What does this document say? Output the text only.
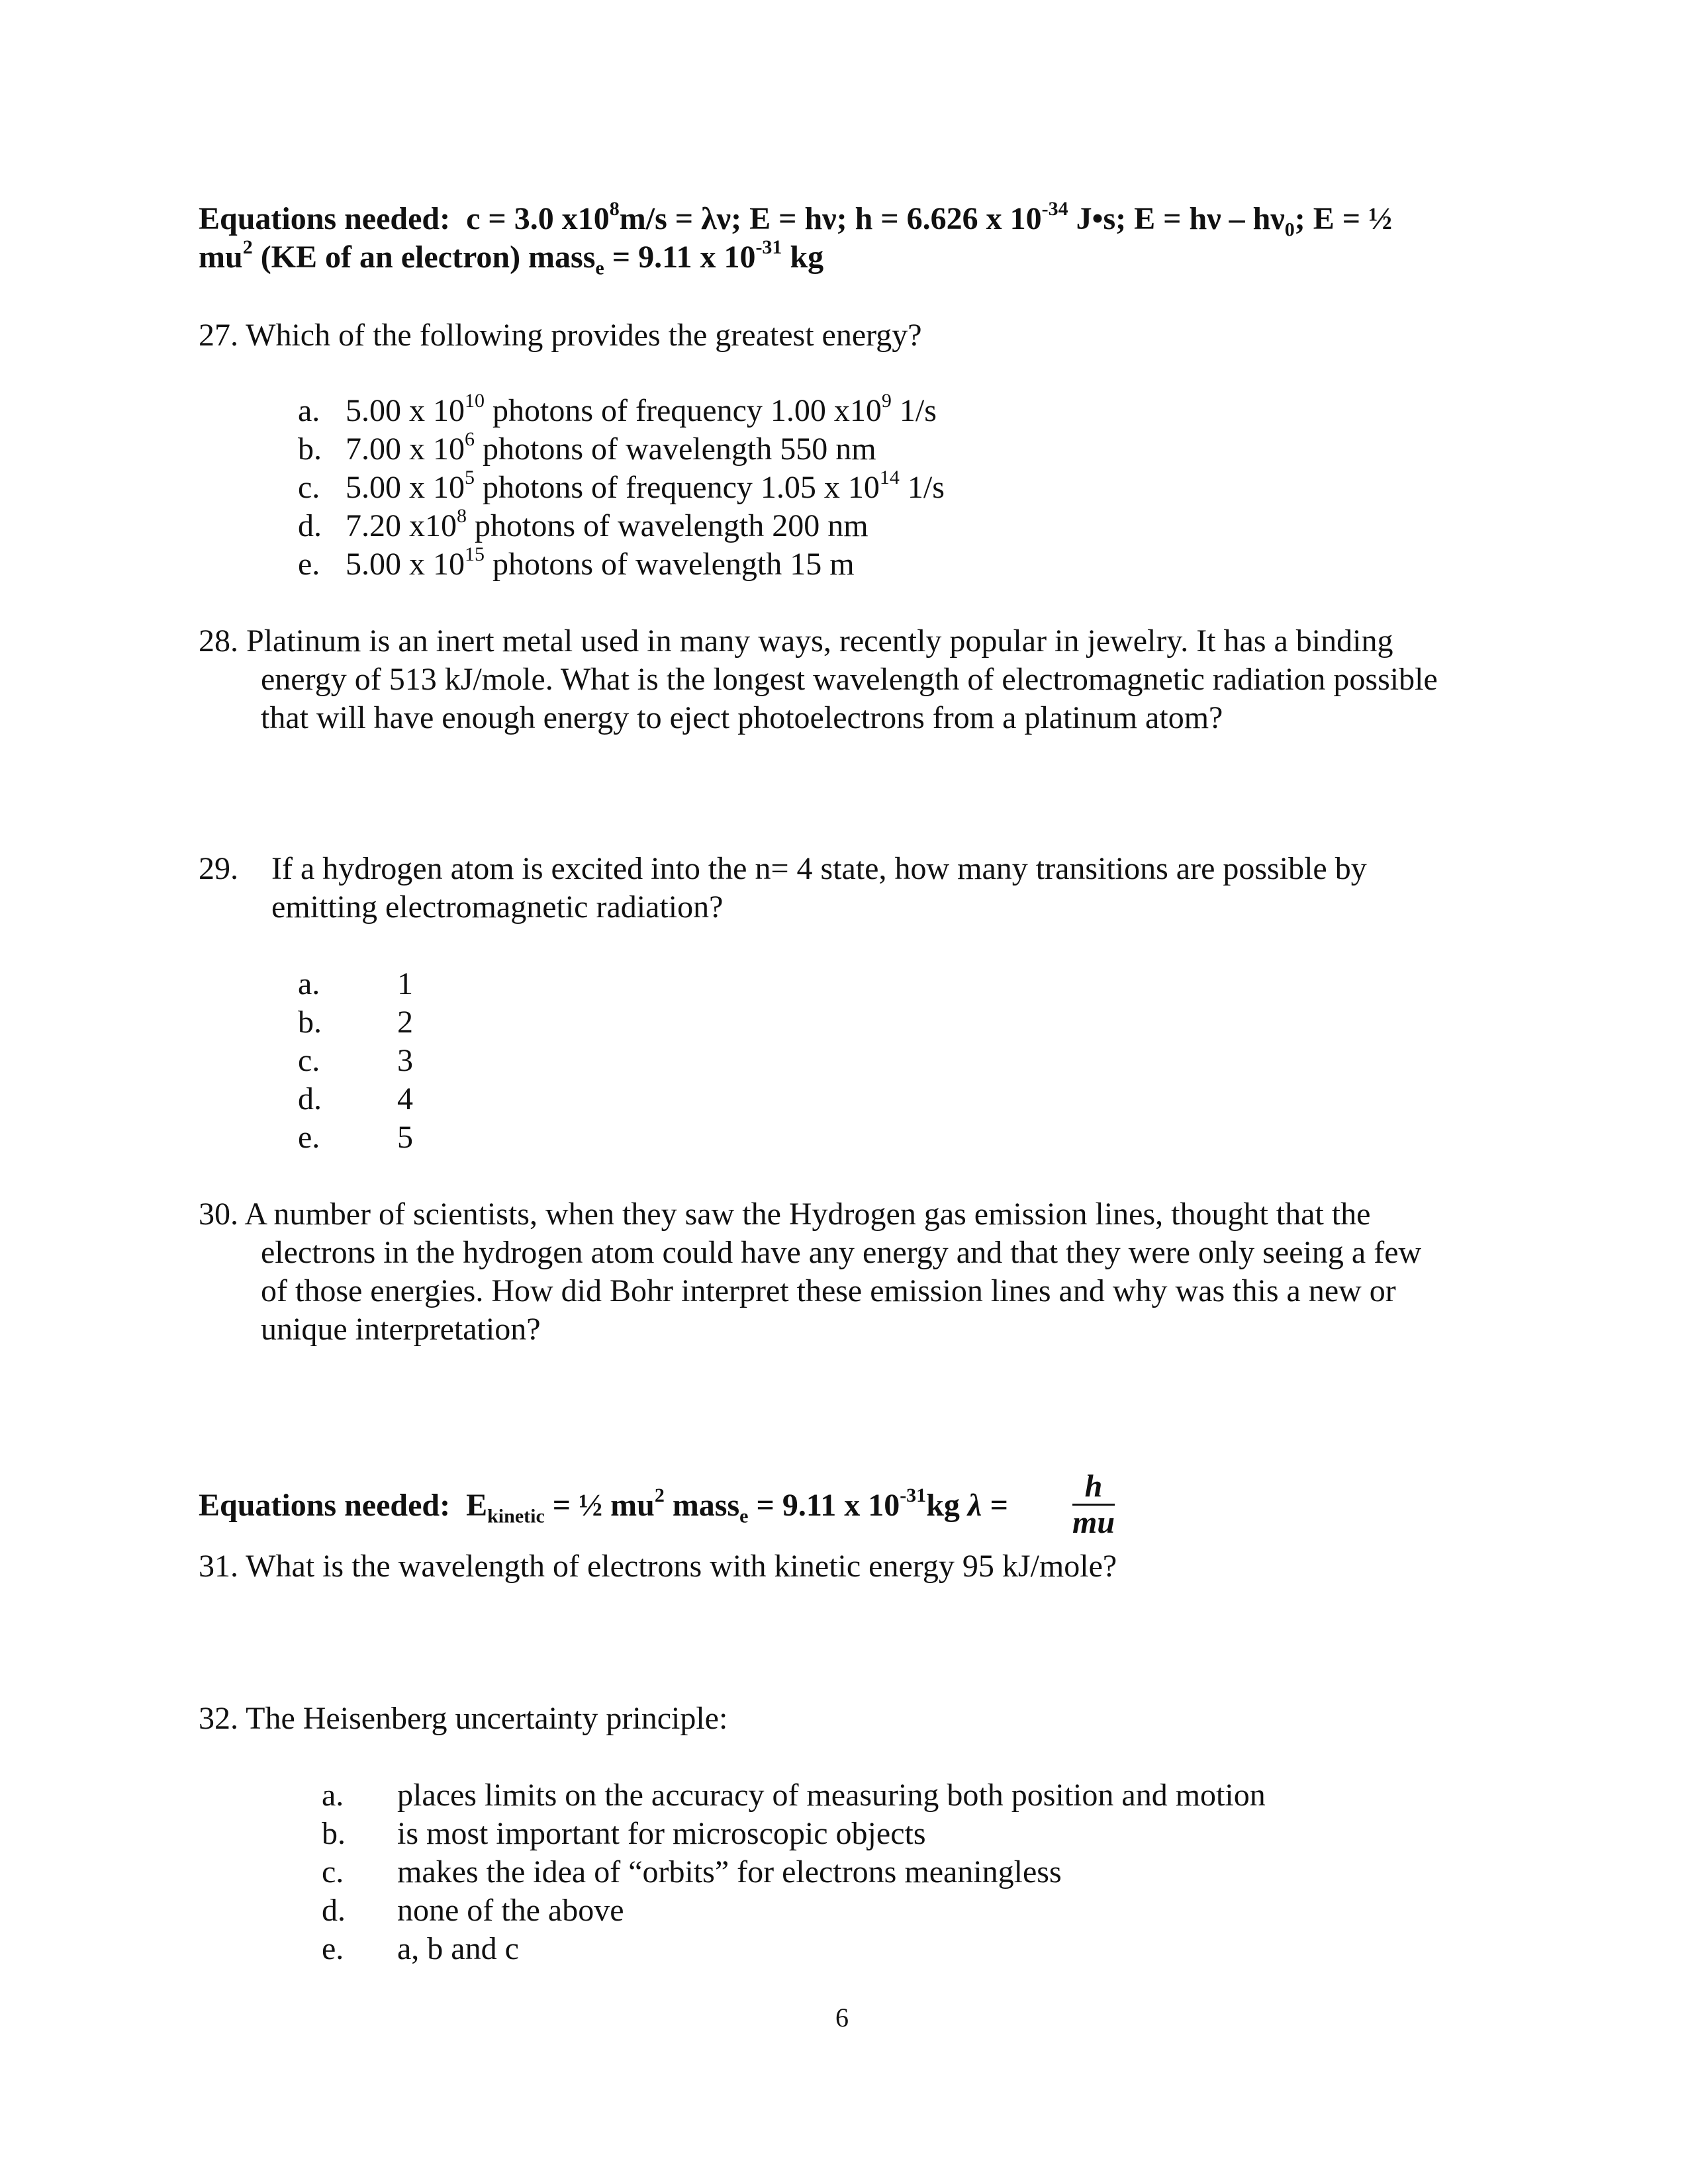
Equations needed: c = 3.0 $x10^8m/s = \lambda\nu$; E = hν; h = 6.626 x $10^{-34}$ J•s; $E = h\nu - h\nu_0$; E = ½
$mu^2$ (KE of an electron) mass$_e$ = 9.11 x $10^{-31}$ kg
27. Which of the following provides the greatest energy?
a. 5.00 x $10^{10}$ photons of frequency 1.00 $x10^9$ 1/s
b. 7.00 x $10^6$ photons of wavelength 550 nm
c. 5.00 x $10^5$ photons of frequency 1.05 x $10^{14}$ 1/s
d. 7.20 $x10^8$ photons of wavelength 200 nm
e. 5.00 x $10^{15}$ photons of wavelength 15 m
28. Platinum is an inert metal used in many ways, recently popular in jewelry. It has a binding
energy of 513 kJ/mole. What is the longest wavelength of electromagnetic radiation possible
that will have enough energy to eject photoelectrons from a platinum atom?
29. If a hydrogen atom is excited into the n= 4 state, how many transitions are possible by
emitting electromagnetic radiation?
a. 1
b. 2
c. 3
d. 4
e. 5
30. A number of scientists, when they saw the Hydrogen gas emission lines, thought that the
electrons in the hydrogen atom could have any energy and that they were only seeing a few
of those energies. How did Bohr interpret these emission lines and why was this a new or
unique interpretation?
Equations needed: $E_{kinetic}$ = ½ $mu^2$ mass$_e$ = 9.11 x $10^{-31}kg$ $\lambda = \frac{h}{mu}$
31. What is the wavelength of electrons with kinetic energy 95 kJ/mole?
32. The Heisenberg uncertainty principle:
a. places limits on the accuracy of measuring both position and motion
b. is most important for microscopic objects
c. makes the idea of “orbits” for electrons meaningless
d. none of the above
e. a, b and c
6
